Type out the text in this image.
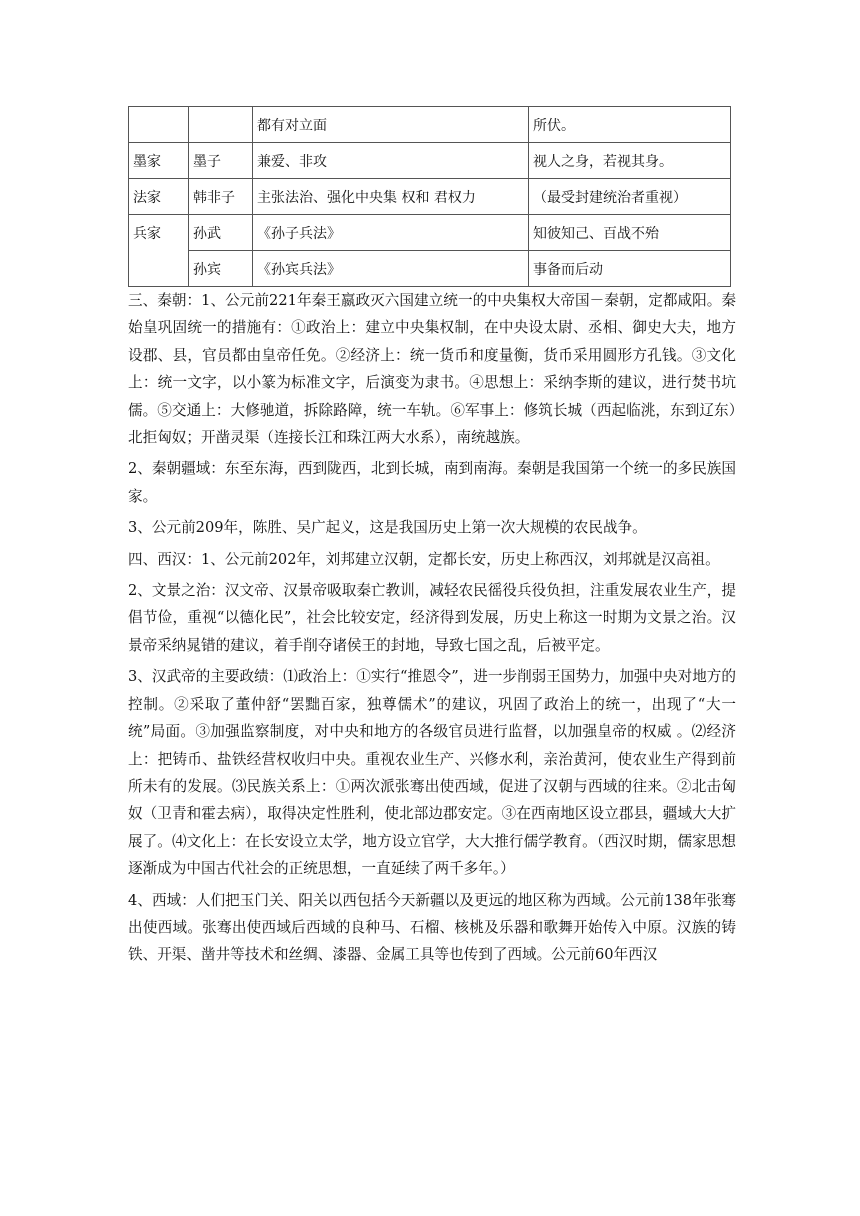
		都有对立面	所伏。
墨家	墨子	兼爱、非攻	视人之身，若视其身。
法家	韩非子	主张法治、强化中央集 权和 君权力	（最受封建统治者重视）
兵家	孙武	《孙子兵法》	知彼知己、百战不殆
	孙宾	《孙宾兵法》	事备而后动

三、秦朝：1、公元前221年秦王嬴政灭六国建立统一的中央集权大帝国－秦朝，定都咸阳。秦始皇巩固统一的措施有：①政治上：建立中央集权制，在中央设太尉、丞相、御史大夫，地方设郡、县，官员都由皇帝任免。②经济上：统一货币和度量衡，货币采用圆形方孔钱。③文化上：统一文字，以小篆为标准文字，后演变为隶书。④思想上：采纳李斯的建议，进行焚书坑儒。⑤交通上：大修驰道，拆除路障，统一车轨。⑥军事上：修筑长城（西起临洮，东到辽东）北拒匈奴；开凿灵渠（连接长江和珠江两大水系），南统越族。

2、秦朝疆域：东至东海，西到陇西，北到长城，南到南海。秦朝是我国第一个统一的多民族国家。

3、公元前209年，陈胜、吴广起义，这是我国历史上第一次大规模的农民战争。

四、西汉：1、公元前202年，刘邦建立汉朝，定都长安，历史上称西汉，刘邦就是汉高祖。

2、文景之治：汉文帝、汉景帝吸取秦亡教训，减轻农民徭役兵役负担，注重发展农业生产，提倡节俭，重视“以德化民”，社会比较安定，经济得到发展，历史上称这一时期为文景之治。汉景帝采纳晁错的建议，着手削夺诸侯王的封地，导致七国之乱，后被平定。

3、汉武帝的主要政绩：⑴政治上：①实行“推恩令”，进一步削弱王国势力，加强中央对地方的控制。②采取了董仲舒“罢黜百家，独尊儒术”的建议，巩固了政治上的统一，出现了“大一统”局面。③加强监察制度，对中央和地方的各级官员进行监督，以加强皇帝的权威 。⑵经济上：把铸币、盐铁经营权收归中央。重视农业生产、兴修水利，亲治黄河，使农业生产得到前所未有的发展。⑶民族关系上：①两次派张骞出使西域，促进了汉朝与西域的往来。②北击匈奴（卫青和霍去病），取得决定性胜利，使北部边郡安定。③在西南地区设立郡县，疆域大大扩展了。⑷文化上：在长安设立太学，地方设立官学，大大推行儒学教育。（西汉时期，儒家思想逐渐成为中国古代社会的正统思想，一直延续了两千多年。）

4、西域：人们把玉门关、阳关以西包括今天新疆以及更远的地区称为西域。公元前138年张骞出使西域。张骞出使西域后西域的良种马、石榴、核桃及乐器和歌舞开始传入中原。汉族的铸铁、开渠、凿井等技术和丝绸、漆器、金属工具等也传到了西域。公元前60年西汉
